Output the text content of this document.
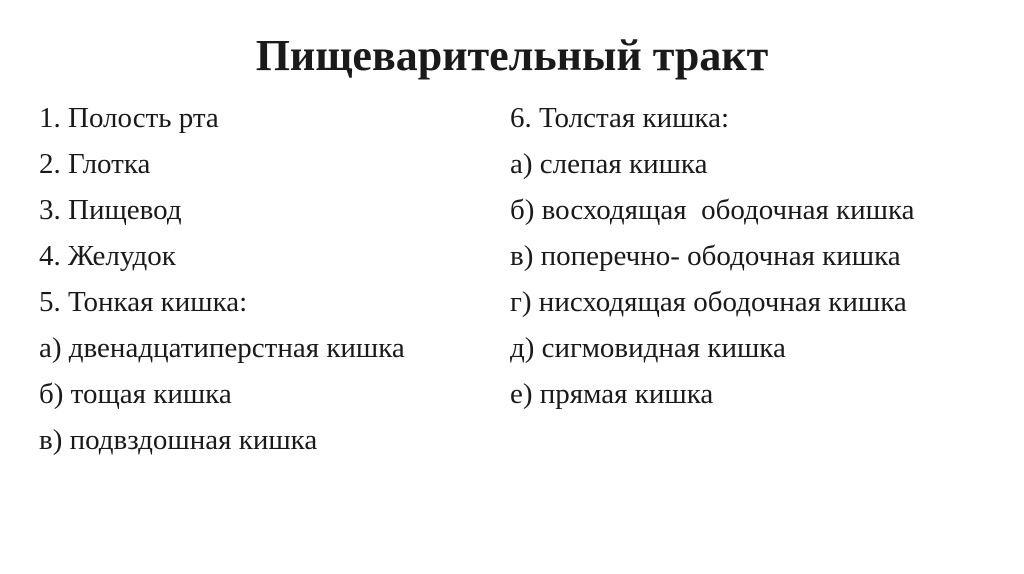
Пищеварительный тракт
1. Полость рта
2. Глотка
3. Пищевод
4. Желудок
5. Тонкая кишка:
а) двенадцатиперстная кишка
б) тощая кишка
в) подвздошная кишка
6. Толстая кишка:
а) слепая кишка
б) восходящая  ободочная кишка
в) поперечно- ободочная кишка
г) нисходящая ободочная кишка
д) сигмовидная кишка
е) прямая кишка
